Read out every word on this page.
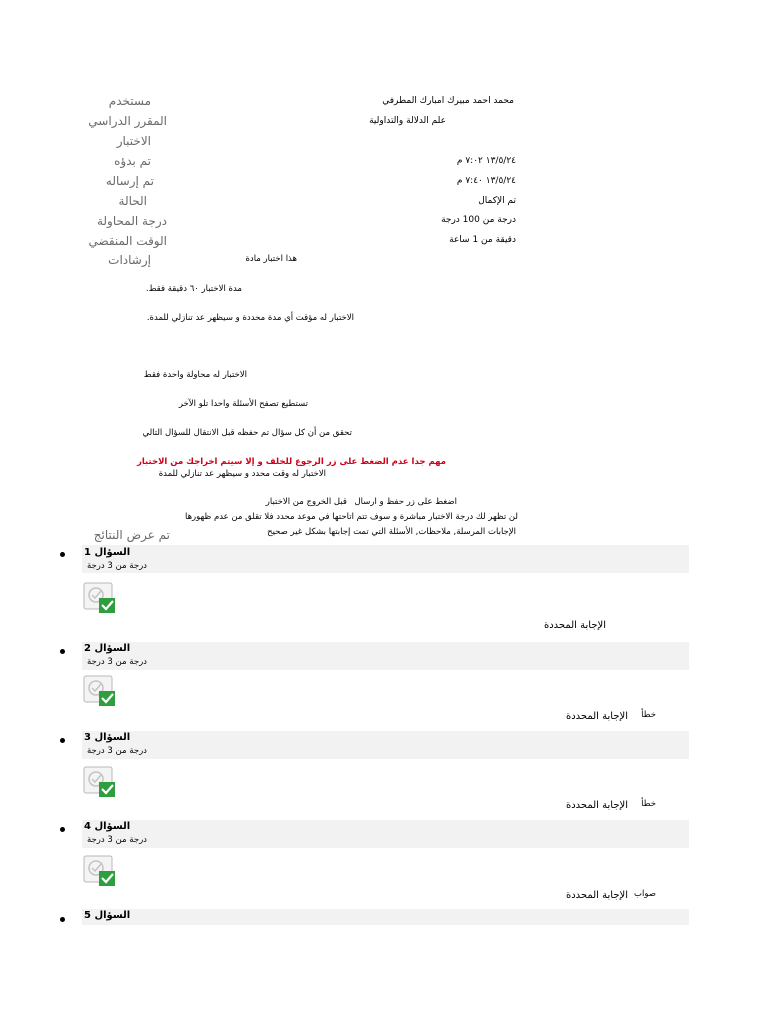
مستخدم
المقرر الدراسي
الاختبار
تم بدؤه
تم إرساله
الحالة
درجة المحاولة
الوقت المنقضي
إرشادات
محمد احمد مبيرك امبارك المطرفي
علم الدلالة والتداولية
١٣/٥/٢٤ ٧:٠٢ م
١٣/٥/٢٤ ٧:٤٠ م
تم الإكمال
درجة من 100 درجة
دقيقة من 1 ساعة
هذا اختبار مادة
مدة الاختبار ٦٠ دقيقة فقط.
الاختبار له مؤقت أي مدة محددة و سيظهر عد تنازلي للمدة.
الاختبار له محاولة واحدة فقط
تستطيع تصفح الأسئلة واحدا تلو الآخر
تحقق من أن كل سؤال تم حفظه قبل الانتقال للسؤال التالي
مهم جدا عدم الضغط على زر الرجوع للخلف و إلا سيتم اخراجك من الاختبار
الاختبار له وقت محدد و سيظهر عد تنازلي للمدة
اضغط على زر حفظ و ارسال
قبل الخروج من الاختبار
لن تظهر لك درجة الاختبار مباشرة و سوف تتم اتاحتها في موعد محدد فلا تقلق من عدم ظهورها
الإجابات المرسلة, ملاحظات, الأسئلة التي تمت إجابتها بشكل غير صحيح
تم عرض النتائج
السؤال 1
درجة من 3 درجة
الإجابة المحددة
السؤال 2
درجة من 3 درجة
الإجابة المحددة خطأ
السؤال 3
درجة من 3 درجة
الإجابة المحددة خطأ
السؤال 4
درجة من 3 درجة
الإجابة المحددة صواب
السؤال 5
